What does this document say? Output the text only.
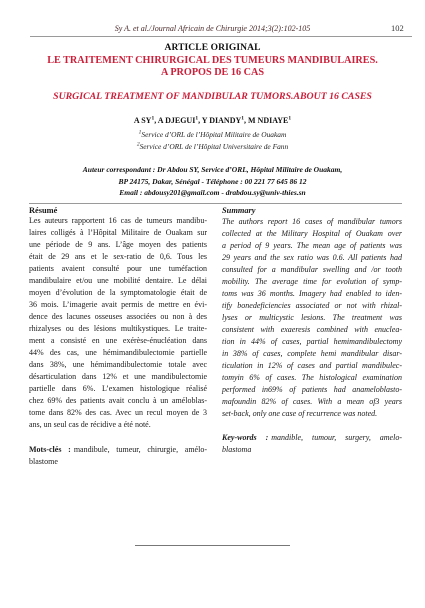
Sy A. et al./Journal Africain de Chirurgie 2014;3(2):102-105	102
ARTICLE ORIGINAL
LE TRAITEMENT CHIRURGICAL DES TUMEURS MANDIBULAIRES.
A PROPOS DE 16 CAS
SURGICAL TREATMENT OF MANDIBULAR TUMORS.ABOUT 16 CASES
A $SY^1$, A DJEGUI$^1$, Y DIANDY$^1$, M NDIAYE$^1$
$^1$Service d’ORL de l’Hôpital Militaire de Ouakam
$^2$Service d’ORL de l’Hôpital Universitaire de Fann
Auteur correspondant : Dr Abdou SY, Service d’ORL, Hôpital Militaire de Ouakam,
BP 24175, Dakar, Sénégal - Téléphone : 00 221 77 645 86 12
Email : abdousy201@gmail.com - drabdou.sy@univ-thies.sn
Résumé
Les auteurs rapportent 16 cas de tumeurs mandibu-
laires colligés à l’Hôpital Militaire de Ouakam sur
une période de 9 ans. L’âge moyen des patients
était de 29 ans et le sex-ratio de 0,6. Tous les
patients avaient consulté pour une tuméfaction
mandibulaire et/ou une mobilité dentaire. Le délai
moyen d’évolution de la symptomatologie était de
36 mois. L’imagerie avait permis de mettre en évi-
dence des lacunes osseuses associées ou non à des
rhizalyses ou des lésions multikystiques. Le traite-
ment a consisté en une exérèse-énucléation dans
44% des cas, une hémimandibulectomie partielle
dans 38%, une hémimandibulectomie totale avec
désarticulation dans 12% et une mandibulectomie
partielle dans 6%. L’examen histologique réalisé
chez 69% des patients avait conclu à un améloblas-
tome dans 82% des cas. Avec un recul moyen de 3
ans, un seul cas de récidive a été noté.
Mots-clés : mandibule, tumeur, chirurgie, amélo-
blastome
Summary
The authors report 16 cases of mandibular tumors
collected at the Military Hospital of Ouakam over
a period of 9 years. The mean age of patients was
29 years and the sex ratio was 0.6. All patients had
consulted for a mandibular swelling and /or tooth
mobility. The average time for evolution of symp-
toms was 36 months. Imagery had enabled to iden-
tify bonedeficiencies associated or not with rhizal-
lyses or multicystic lesions. The treatment was
consistent with exaeresis combined with enuclea-
tion in 44% of cases, partial hemimandibulectomy
in 38% of cases, complete hemi mandibular disar-
ticulation in 12% of cases and partial mandibulec-
tomyin 6% of cases. The histological examination
performed in69% of patients had anameloblasto-
mafoundin 82% of cases. With a mean of3 years
set-back, only one case of recurrence was noted.
Key-words : mandible, tumour, surgery, amelo-
blastoma
